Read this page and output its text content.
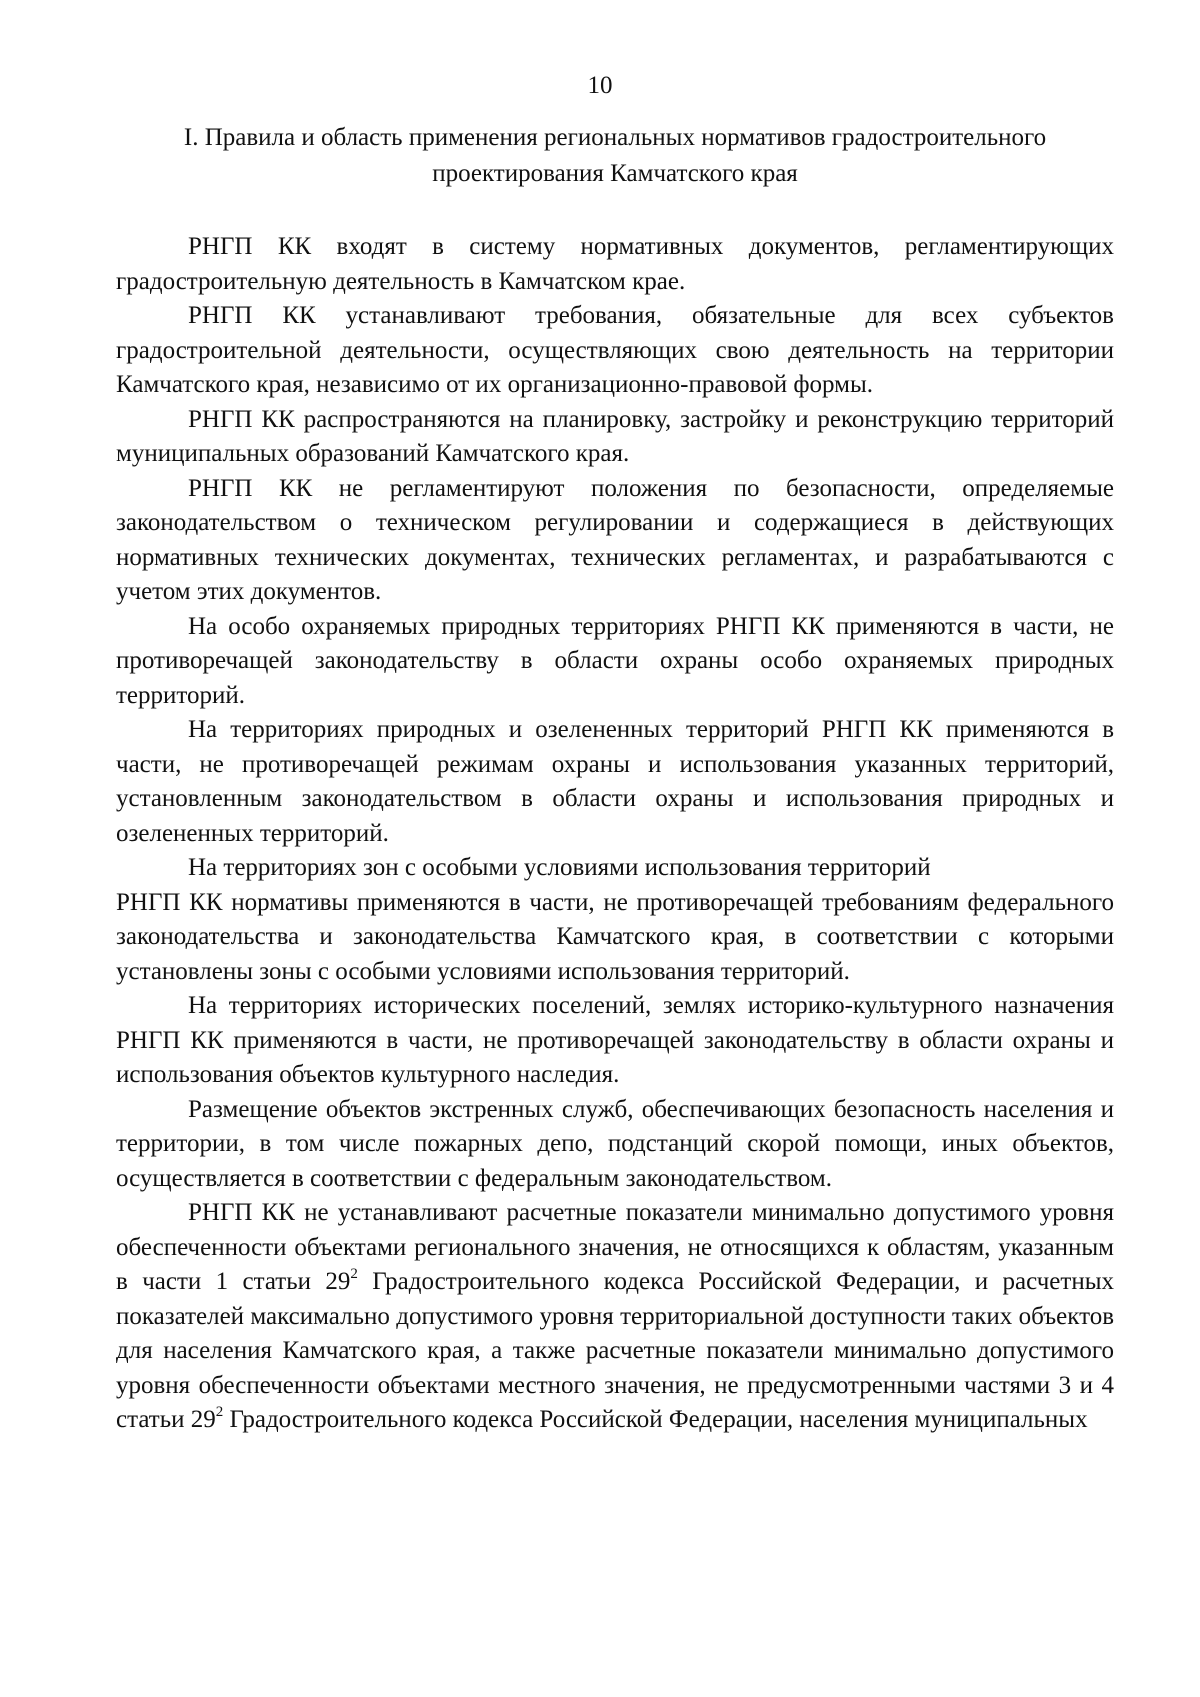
10
I. Правила и область применения региональных нормативов градостроительного
проектирования Камчатского края

РНГП КК входят в систему нормативных документов, регламентирующих градостроительную деятельность в Камчатском крае.

РНГП КК устанавливают требования, обязательные для всех субъектов градостроительной деятельности, осуществляющих свою деятельность на территории Камчатского края, независимо от их организационно-правовой формы.

РНГП КК распространяются на планировку, застройку и реконструкцию территорий муниципальных образований Камчатского края.

РНГП КК не регламентируют положения по безопасности, определяемые законодательством о техническом регулировании и содержащиеся в действующих нормативных технических документах, технических регламентах, и разрабатываются с учетом этих документов.

На особо охраняемых природных территориях РНГП КК применяются в части, не противоречащей законодательству в области охраны особо охраняемых природных территорий.

На территориях природных и озелененных территорий РНГП КК применяются в части, не противоречащей режимам охраны и использования указанных территорий, установленным законодательством в области охраны и использования природных и озелененных территорий.

На территориях зон с особыми условиями использования территорий
РНГП КК нормативы применяются в части, не противоречащей требованиям федерального законодательства и законодательства Камчатского края, в соответствии с которыми установлены зоны с особыми условиями использования территорий.

На территориях исторических поселений, землях историко-культурного назначения РНГП КК применяются в части, не противоречащей законодательству в области охраны и использования объектов культурного наследия.

Размещение объектов экстренных служб, обеспечивающих безопасность населения и территории, в том числе пожарных депо, подстанций скорой помощи, иных объектов, осуществляется в соответствии с федеральным законодательством.

РНГП КК не устанавливают расчетные показатели минимально допустимого уровня обеспеченности объектами регионального значения, не относящихся к областям, указанным в части 1 статьи $29^2$ Градостроительного кодекса Российской Федерации, и расчетных показателей максимально допустимого уровня территориальной доступности таких объектов для населения Камчатского края, а также расчетные показатели минимально допустимого уровня обеспеченности объектами местного значения, не предусмотренными частями 3 и 4 статьи $29^2$ Градостроительного кодекса Российской Федерации, населения муниципальных
